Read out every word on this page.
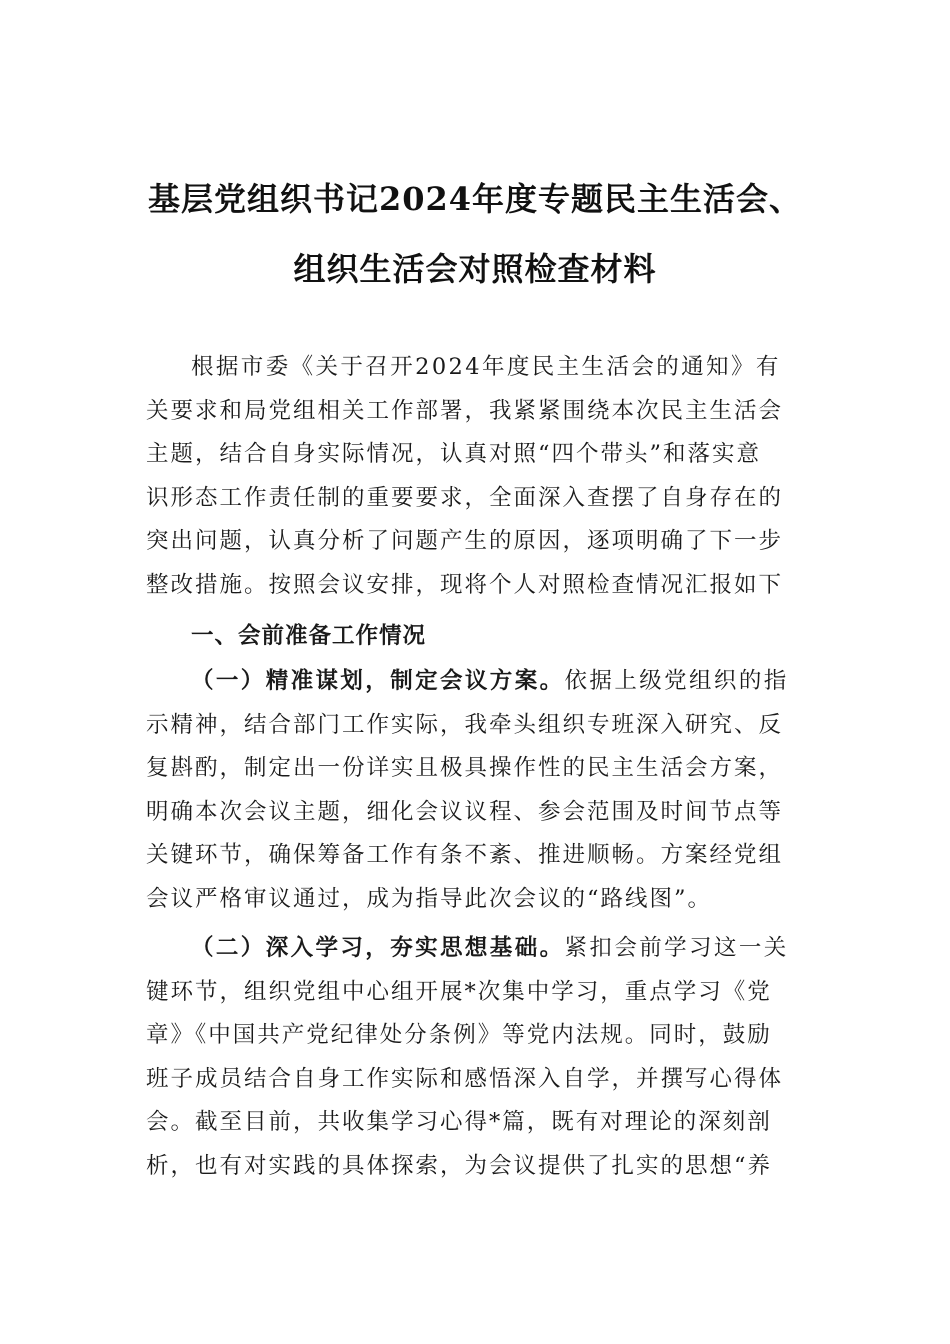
基层党组织书记2024年度专题民主生活会、
组织生活会对照检查材料
根据市委《关于召开2024年度民主生活会的通知》有
关要求和局党组相关工作部署，我紧紧围绕本次民主生活会
主题，结合自身实际情况，认真对照“四个带头”和落实意
识形态工作责任制的重要要求，全面深入查摆了自身存在的
突出问题，认真分析了问题产生的原因，逐项明确了下一步
整改措施。按照会议安排，现将个人对照检查情况汇报如下
一、会前准备工作情况
（一）精准谋划，制定会议方案。依据上级党组织的指
示精神，结合部门工作实际，我牵头组织专班深入研究、反
复斟酌，制定出一份详实且极具操作性的民主生活会方案，
明确本次会议主题，细化会议议程、参会范围及时间节点等
关键环节，确保筹备工作有条不紊、推进顺畅。方案经党组
会议严格审议通过，成为指导此次会议的“路线图”。
（二）深入学习，夯实思想基础。紧扣会前学习这一关
键环节，组织党组中心组开展*次集中学习，重点学习《党
章》《中国共产党纪律处分条例》等党内法规。同时，鼓励
班子成员结合自身工作实际和感悟深入自学，并撰写心得体
会。截至目前，共收集学习心得*篇，既有对理论的深刻剖
析，也有对实践的具体探索，为会议提供了扎实的思想“养
